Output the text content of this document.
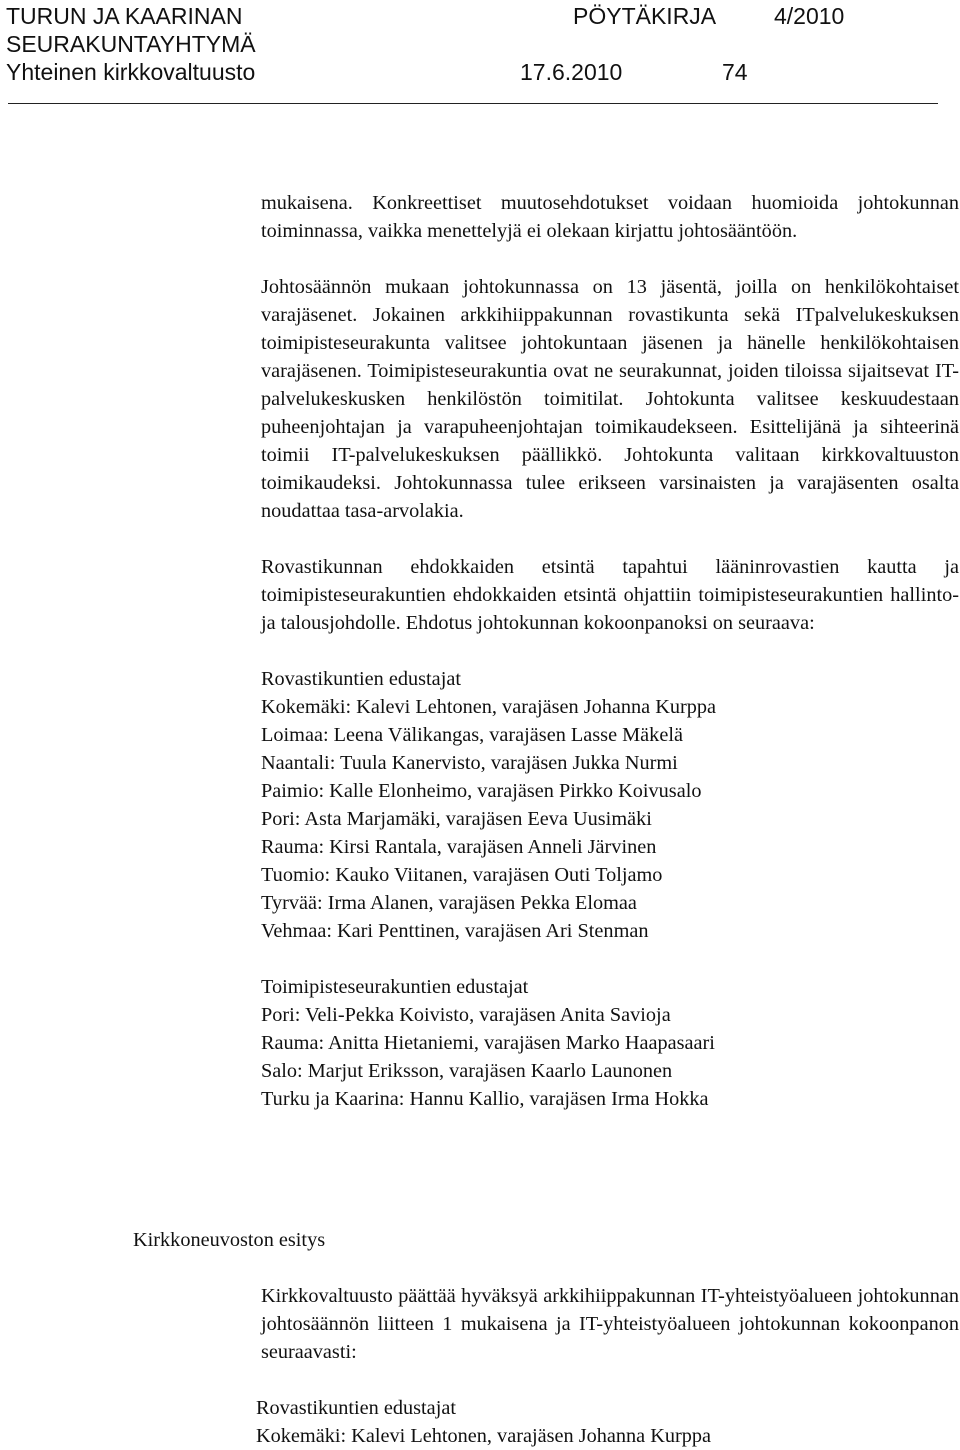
TURUN JA KAARINAN	PÖYTÄKIRJA	4/2010
SEURAKUNTAYHTYMÄ
Yhteinen kirkkovaltuusto	17.6.2010	74

mukaisena. Konkreettiset muutosehdotukset voidaan huomioida johtokunnan toiminnassa, vaikka menettelyjä ei olekaan kirjattu johtosääntöön.

Johtosäännön mukaan johtokunnassa on 13 jäsentä, joilla on henkilökohtaiset varajäsenet. Jokainen arkkihiippakunnan rovastikunta sekä ITpalvelukeskuksen toimipisteseurakunta valitsee johtokuntaan jäsenen ja hänelle henkilökohtaisen varajäsenen. Toimipisteseurakuntia ovat ne seurakunnat, joiden tiloissa sijaitsevat IT-palvelukeskusken henkilöstön toimitilat. Johtokunta valitsee keskuudestaan puheenjohtajan ja varapuheenjohtajan toimikaudekseen. Esittelijänä ja sihteerinä toimii IT-palvelukeskuksen päällikkö. Johtokunta valitaan kirkkovaltuuston toimikaudeksi. Johtokunnassa tulee erikseen varsinaisten ja varajäsenten osalta noudattaa tasa-arvolakia.

Rovastikunnan ehdokkaiden etsintä tapahtui lääninrovastien kautta ja toimipisteseurakuntien ehdokkaiden etsintä ohjattiin toimipisteseurakuntien hallinto- ja talousjohdolle. Ehdotus johtokunnan kokoonpanoksi on seuraava:

Rovastikuntien edustajat
Kokemäki: Kalevi Lehtonen, varajäsen Johanna Kurppa
Loimaa: Leena Välikangas, varajäsen Lasse Mäkelä
Naantali: Tuula Kanervisto, varajäsen Jukka Nurmi
Paimio: Kalle Elonheimo, varajäsen Pirkko Koivusalo
Pori: Asta Marjamäki, varajäsen Eeva Uusimäki
Rauma: Kirsi Rantala, varajäsen Anneli Järvinen
Tuomio: Kauko Viitanen, varajäsen Outi Toljamo
Tyrvää: Irma Alanen, varajäsen Pekka Elomaa
Vehmaa: Kari Penttinen, varajäsen Ari Stenman
Toimipisteseurakuntien edustajat
Pori: Veli-Pekka Koivisto, varajäsen Anita Savioja
Rauma: Anitta Hietaniemi, varajäsen Marko Haapasaari
Salo: Marjut Eriksson, varajäsen Kaarlo Launonen
Turku ja Kaarina: Hannu Kallio, varajäsen Irma Hokka
Kirkkoneuvoston esitys

Kirkkovaltuusto päättää hyväksyä arkkihiippakunnan IT-yhteistyöalueen johtokunnan johtosäännön liitteen 1 mukaisena ja IT-yhteistyöalueen johtokunnan kokoonpanon seuraavasti:

Rovastikuntien edustajat
Kokemäki: Kalevi Lehtonen, varajäsen Johanna Kurppa
